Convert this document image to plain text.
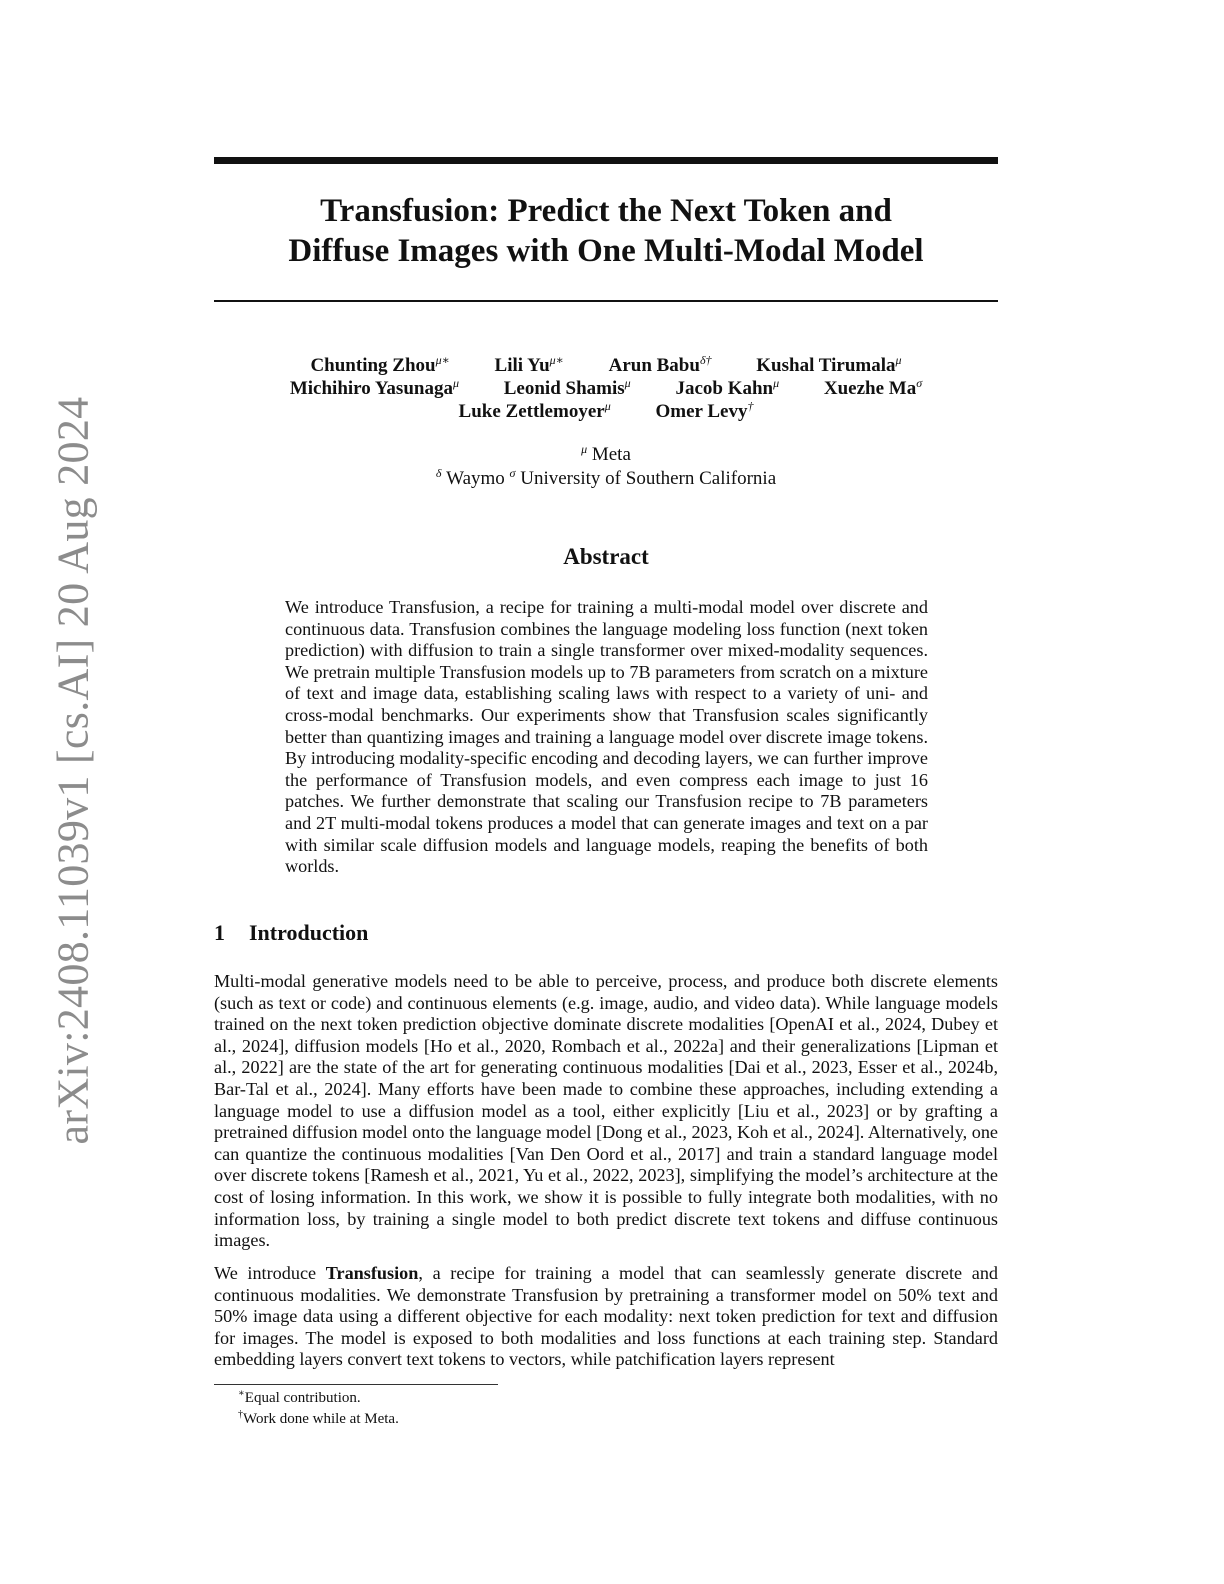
arXiv:2408.11039v1 [cs.AI] 20 Aug 2024
Transfusion: Predict the Next Token and
Diffuse Images with One Multi-Modal Model
Chunting Zhou$^{\mu∗}$ Lili $Yu^{\mu∗}$ Arun Babu$^{\delta\dagger}$ Kushal Tirumala$^\mu$
Michihiro Yasunaga$^\mu$ Leonid Shamis$^\mu$ Jacob Kahn$^\mu$ Xuezhe $Ma^\sigma$
Luke Zettlemoyer$^\mu$ Omer Levy†
$^\mu$ Meta
$^\delta$ Waymo $^\sigma$ University of Southern California
Abstract
We introduce Transfusion, a recipe for training a multi-modal model over discrete and continuous data. Transfusion combines the language modeling loss function (next token prediction) with diffusion to train a single transformer over mixed-modality sequences. We pretrain multiple Transfusion models up to 7B parameters from scratch on a mixture of text and image data, establishing scaling laws with respect to a variety of uni- and cross-modal benchmarks. Our experiments show that Transfusion scales significantly better than quantizing images and training a language model over discrete image tokens. By introducing modality-specific encoding and decoding layers, we can further improve the performance of Transfusion models, and even compress each image to just 16 patches. We further demonstrate that scaling our Transfusion recipe to 7B parameters and 2T multi-modal tokens produces a model that can generate images and text on a par with similar scale diffusion models and language models, reaping the benefits of both worlds.
1 Introduction
Multi-modal generative models need to be able to perceive, process, and produce both discrete elements (such as text or code) and continuous elements (e.g. image, audio, and video data). While language models trained on the next token prediction objective dominate discrete modalities [OpenAI et al., 2024, Dubey et al., 2024], diffusion models [Ho et al., 2020, Rombach et al., 2022a] and their generalizations [Lipman et al., 2022] are the state of the art for generating continuous modalities [Dai et al., 2023, Esser et al., 2024b, Bar-Tal et al., 2024]. Many efforts have been made to combine these approaches, including extending a language model to use a diffusion model as a tool, either explicitly [Liu et al., 2023] or by grafting a pretrained diffusion model onto the language model [Dong et al., 2023, Koh et al., 2024]. Alternatively, one can quantize the continuous modalities [Van Den Oord et al., 2017] and train a standard language model over discrete tokens [Ramesh et al., 2021, Yu et al., 2022, 2023], simplifying the model’s architecture at the cost of losing information. In this work, we show it is possible to fully integrate both modalities, with no information loss, by training a single model to both predict discrete text tokens and diffuse continuous images.
We introduce Transfusion, a recipe for training a model that can seamlessly generate discrete and continuous modalities. We demonstrate Transfusion by pretraining a transformer model on 50% text and 50% image data using a different objective for each modality: next token prediction for text and diffusion for images. The model is exposed to both modalities and loss functions at each training step. Standard embedding layers convert text tokens to vectors, while patchification layers represent
∗Equal contribution.
†Work done while at Meta.
